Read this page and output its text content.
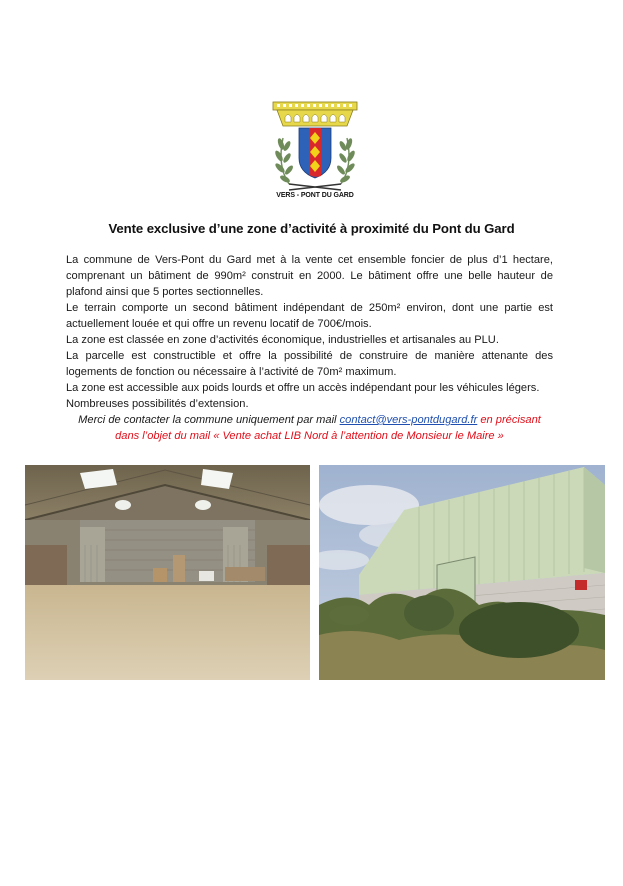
VERS - PONT DU GARD
Vente exclusive d’une zone d’activité à proximité du Pont du Gard

La commune de Vers-Pont du Gard met à la vente cet ensemble foncier de plus d’1 hectare, comprenant un bâtiment de 990m² construit en 2000. Le bâtiment offre une belle hauteur de plafond ainsi que 5 portes sectionnelles.

Le terrain comporte un second bâtiment indépendant de 250m² environ, dont une partie est actuellement louée et qui offre un revenu locatif de 700€/mois.

La zone est classée en zone d’activités économique, industrielles et artisanales au PLU.

La parcelle est constructible et offre la possibilité de construire de manière attenante des logements de fonction ou nécessaire à l’activité de 70m² maximum.

La zone est accessible aux poids lourds et offre un accès indépendant pour les véhicules légers.

Nombreuses possibilités d’extension.

Merci de contacter la commune uniquement par mail contact@vers-pontdugard.fr en précisant dans l’objet du mail « Vente achat LIB Nord à l’attention de Monsieur le Maire »
